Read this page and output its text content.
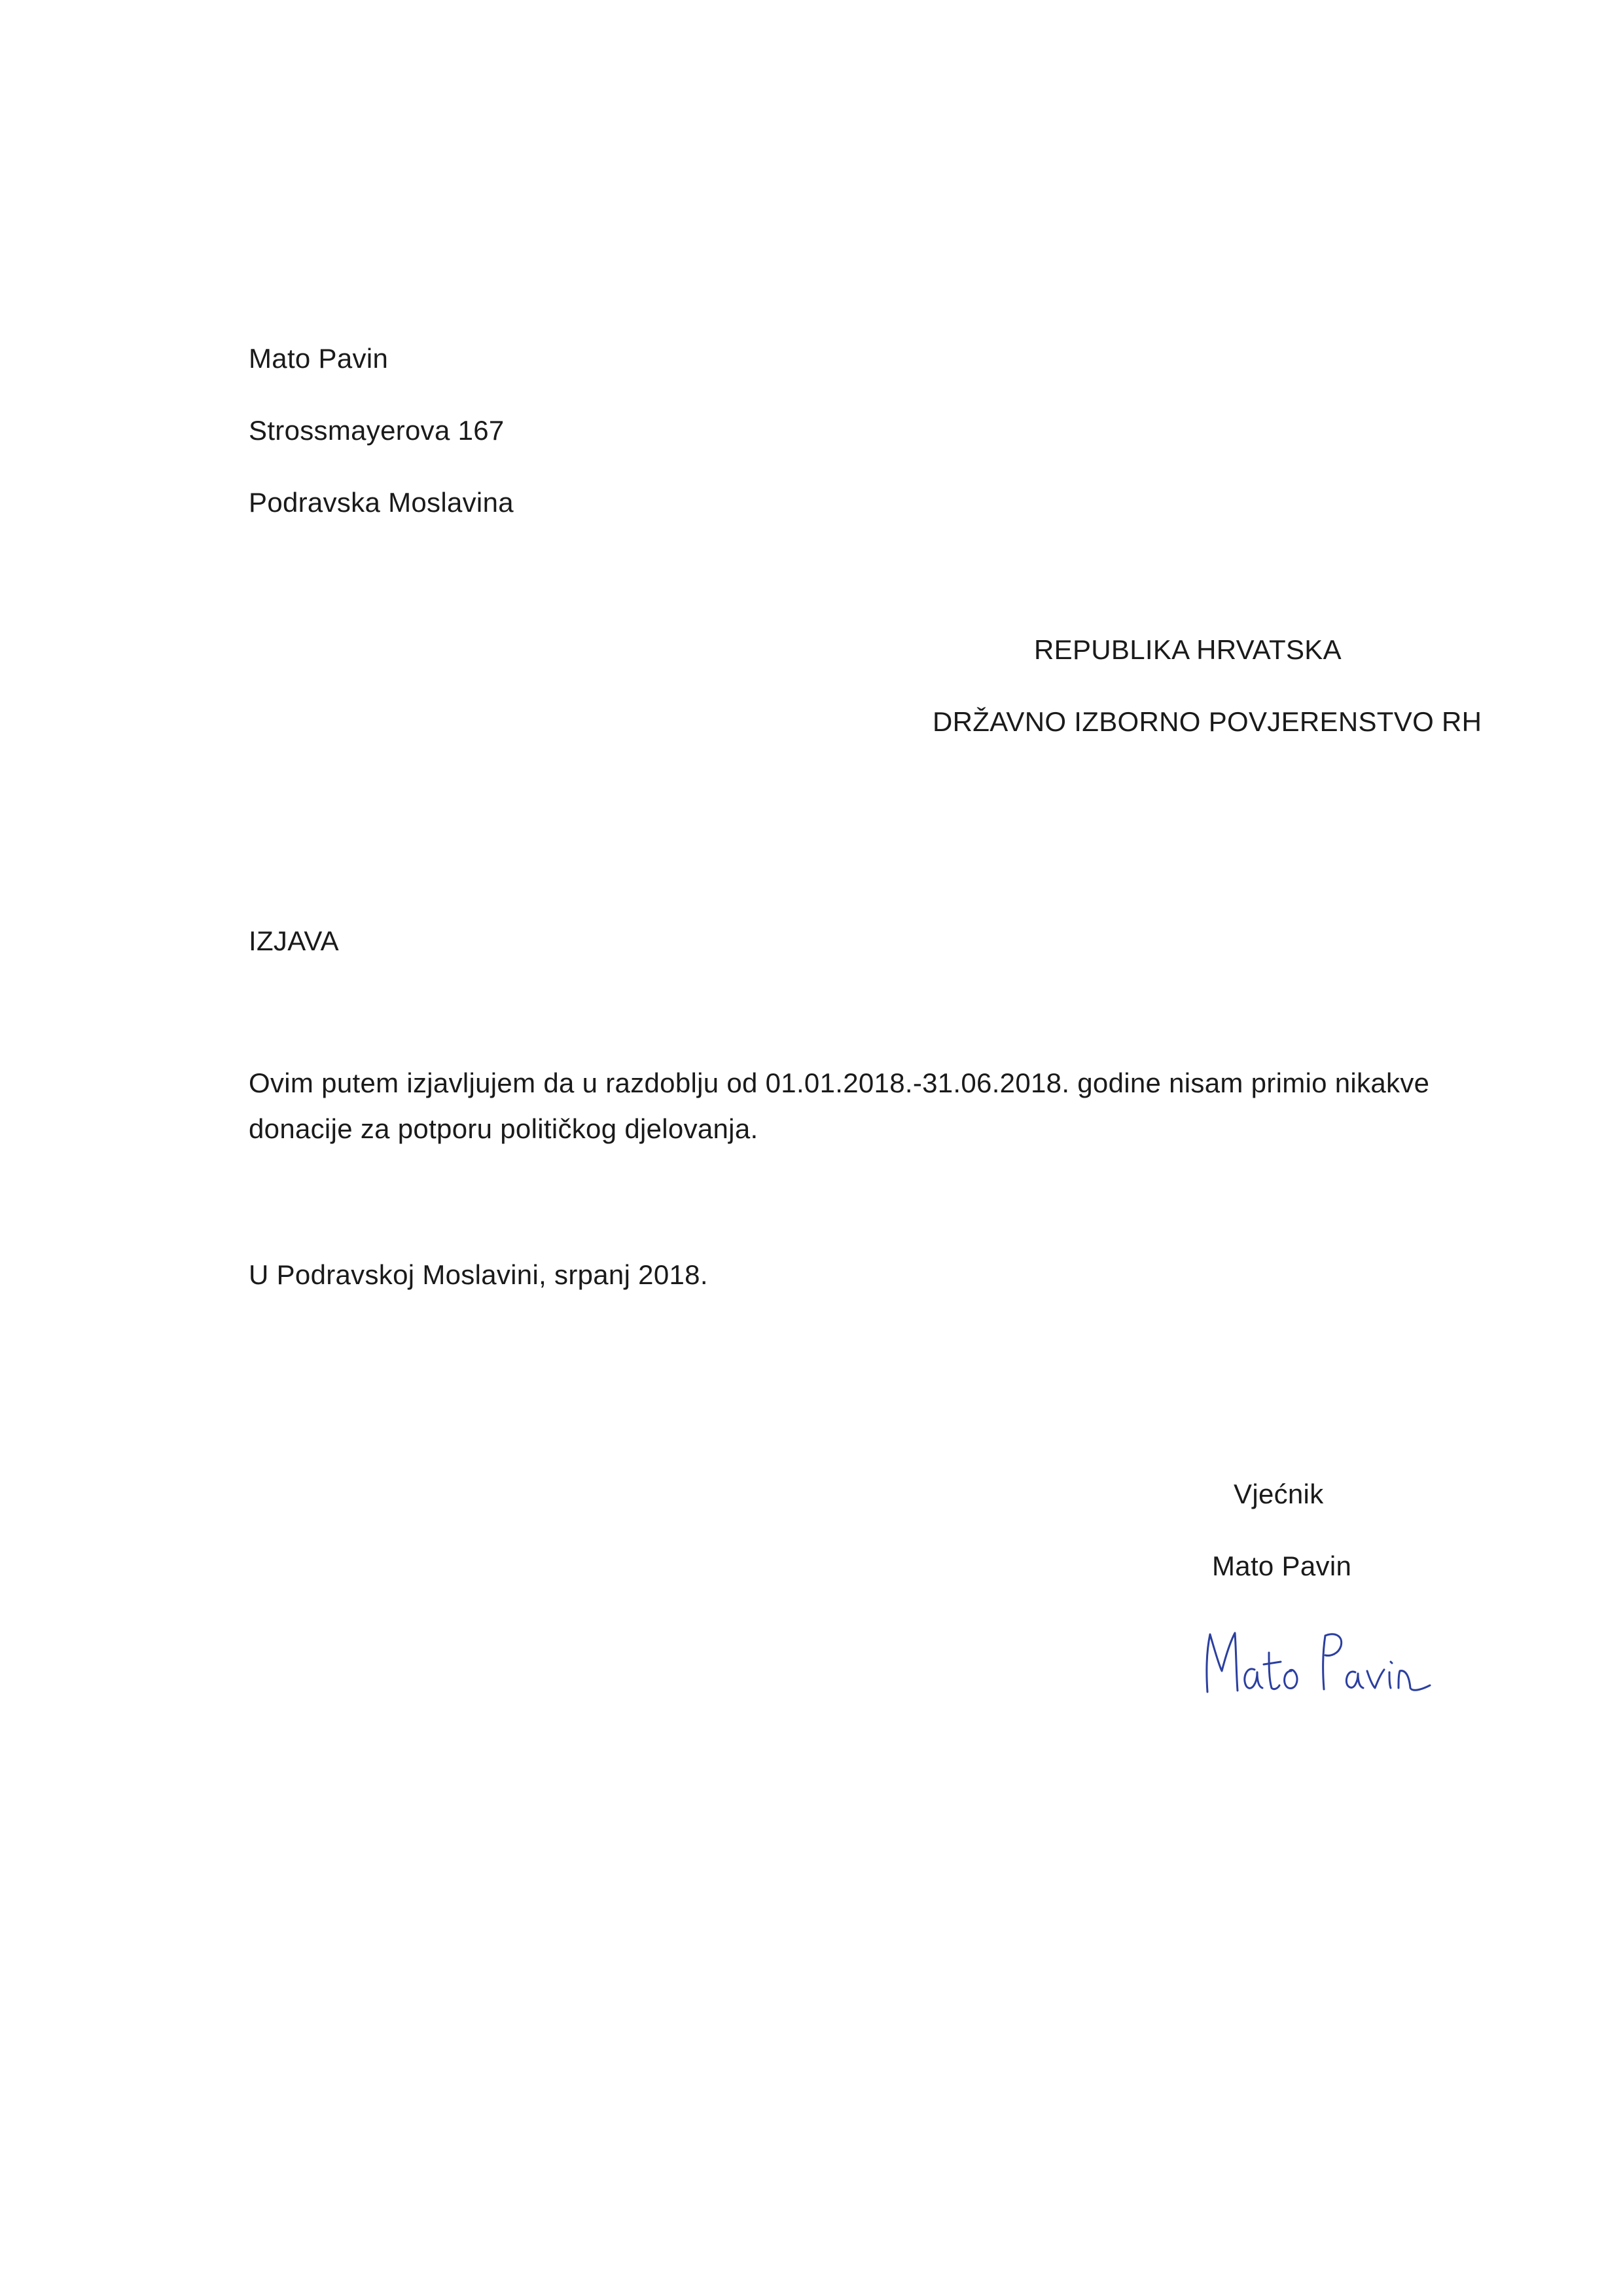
Mato Pavin
Strossmayerova 167
Podravska Moslavina
REPUBLIKA HRVATSKA
DRŽAVNO IZBORNO POVJERENSTVO RH
IZJAVA
Ovim putem izjavljujem da u razdoblju od 01.01.2018.-31.06.2018. godine nisam primio nikakve donacije za potporu političkog djelovanja.
U Podravskoj Moslavini, srpanj 2018.
Vjećnik
Mato Pavin
